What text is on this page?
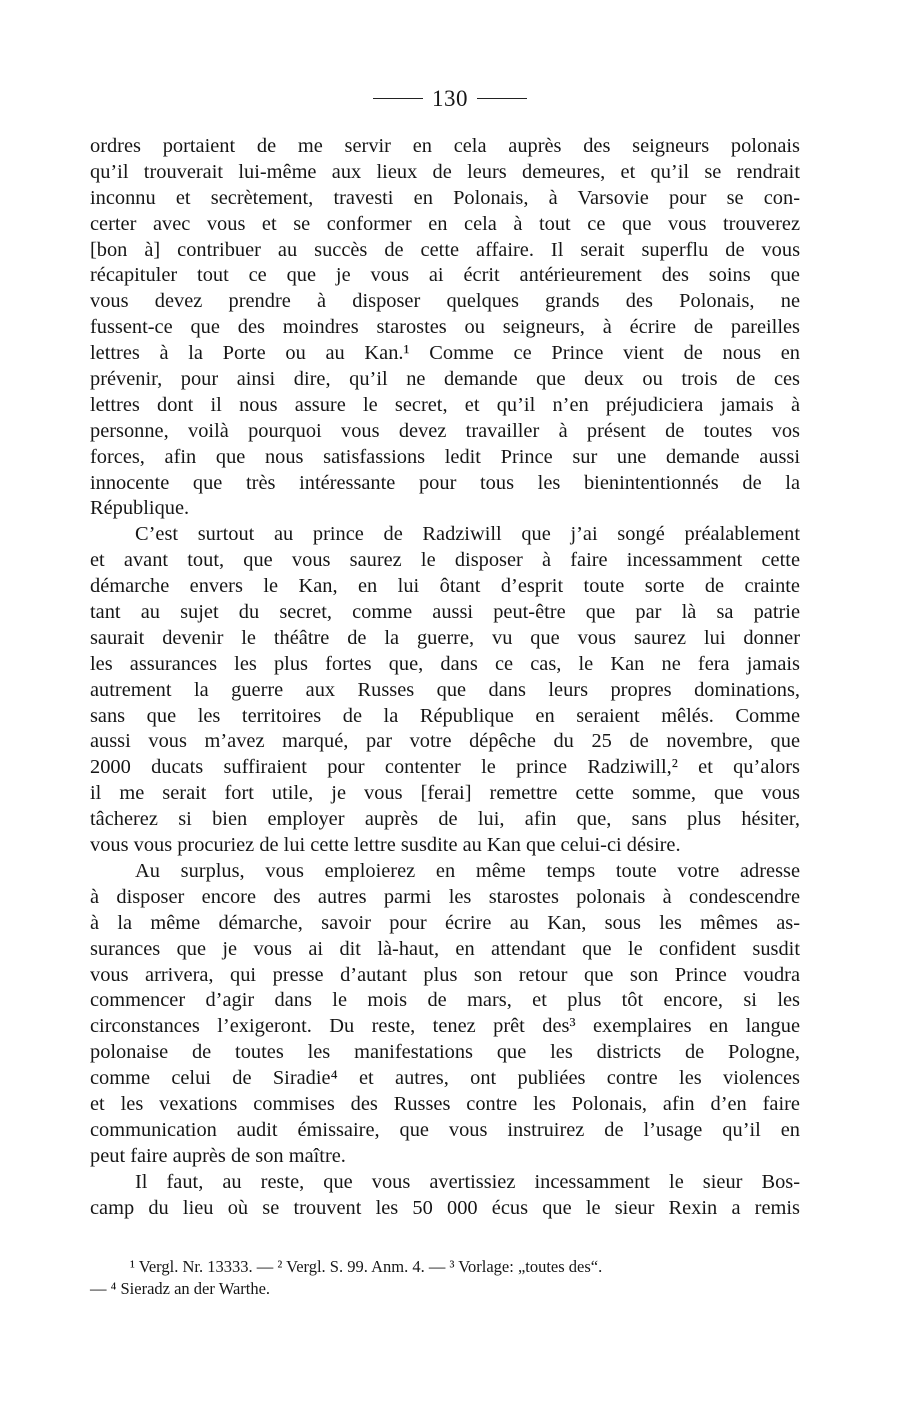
130
ordres portaient de me servir en cela auprès des seigneurs polonais
qu’il trouverait lui-même aux lieux de leurs demeures, et qu’il se rendrait
inconnu et secrètement, travesti en Polonais, à Varsovie pour se con-
certer avec vous et se conformer en cela à tout ce que vous trouverez
[bon à] contribuer au succès de cette affaire. Il serait superflu de vous
récapituler tout ce que je vous ai écrit antérieurement des soins que
vous devez prendre à disposer quelques grands des Polonais, ne
fussent-ce que des moindres starostes ou seigneurs, à écrire de pareilles
lettres à la Porte ou au Kan.¹ Comme ce Prince vient de nous en
prévenir, pour ainsi dire, qu’il ne demande que deux ou trois de ces
lettres dont il nous assure le secret, et qu’il n’en préjudiciera jamais à
personne, voilà pourquoi vous devez travailler à présent de toutes vos
forces, afin que nous satisfassions ledit Prince sur une demande aussi
innocente que très intéressante pour tous les bienintentionnés de la
République.
C’est surtout au prince de Radziwill que j’ai songé préalablement
et avant tout, que vous saurez le disposer à faire incessamment cette
démarche envers le Kan, en lui ôtant d’esprit toute sorte de crainte
tant au sujet du secret, comme aussi peut-être que par là sa patrie
saurait devenir le théâtre de la guerre, vu que vous saurez lui donner
les assurances les plus fortes que, dans ce cas, le Kan ne fera jamais
autrement la guerre aux Russes que dans leurs propres dominations,
sans que les territoires de la République en seraient mêlés. Comme
aussi vous m’avez marqué, par votre dépêche du 25 de novembre, que
2000 ducats suffiraient pour contenter le prince Radziwill,² et qu’alors
il me serait fort utile, je vous [ferai] remettre cette somme, que vous
tâcherez si bien employer auprès de lui, afin que, sans plus hésiter,
vous vous procuriez de lui cette lettre susdite au Kan que celui-ci désire.
Au surplus, vous emploierez en même temps toute votre adresse
à disposer encore des autres parmi les starostes polonais à condescendre
à la même démarche, savoir pour écrire au Kan, sous les mêmes as-
surances que je vous ai dit là-haut, en attendant que le confident susdit
vous arrivera, qui presse d’autant plus son retour que son Prince voudra
commencer d’agir dans le mois de mars, et plus tôt encore, si les
circonstances l’exigeront. Du reste, tenez prêt des³ exemplaires en langue
polonaise de toutes les manifestations que les districts de Pologne,
comme celui de Siradie⁴ et autres, ont publiées contre les violences
et les vexations commises des Russes contre les Polonais, afin d’en faire
communication audit émissaire, que vous instruirez de l’usage qu’il en
peut faire auprès de son maître.
Il faut, au reste, que vous avertissiez incessamment le sieur Bos-
camp du lieu où se trouvent les 50 000 écus que le sieur Rexin a remis
¹ Vergl. Nr. 13333. — ² Vergl. S. 99. Anm. 4. — ³ Vorlage: „toutes des“.
— ⁴ Sieradz an der Warthe.
